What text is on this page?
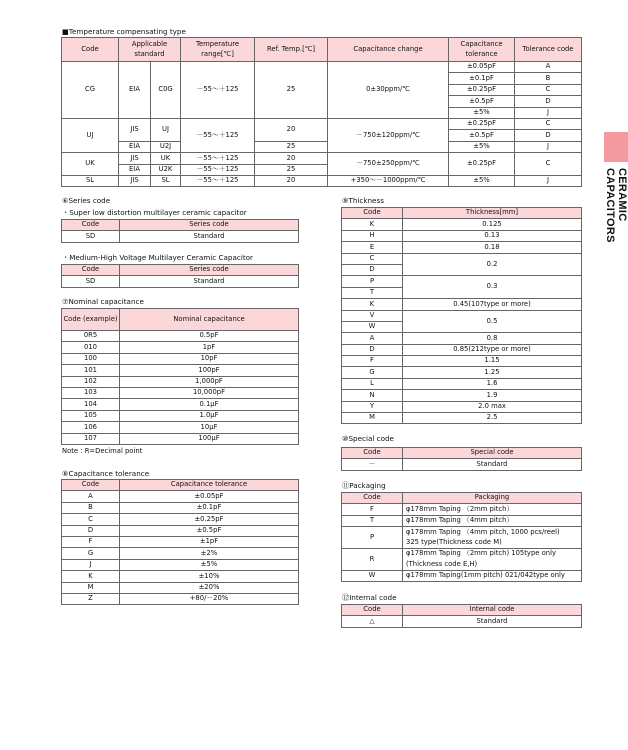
CERAMIC CAPACITORS
■Temperature compensating type
Code	Applicable standard		Temperature range[℃]	Ref. Temp.[℃]	Capacitance change	Capacitance tolerance	Tolerance code
CG	EIA	C0G	－55～＋125	25	0±30ppm/℃	±0.05pF	A
						±0.1pF	B
						±0.25pF	C
						±0.5pF	D
						±5%	J
UJ	JIS	UJ	－55～＋125	20	－750±120ppm/℃	±0.25pF	C
						±0.5pF	D
	EIA	U2J		25		±5%	J
UK	JIS	UK	－55～＋125	20	－750±250ppm/℃	±0.25pF	C
	EIA	U2K	－55～＋125	25			
SL	JIS	SL	－55～＋125	20	+350～－1000ppm/℃	±5%	J
⑥Series code
・Super low distortion multilayer ceramic capacitor
Code	Series code
SD	Standard
・Medium-High Voltage Multilayer Ceramic Capacitor
Code	Series code
SD	Standard
⑦Nominal capacitance
Code (example)	Nominal capacitance
0R5	0.5pF
010	1pF
100	10pF
101	100pF
102	1,000pF
103	10,000pF
104	0.1μF
105	1.0μF
106	10μF
107	100μF
Note : R=Decimal point
⑧Capacitance tolerance
Code	Capacitance tolerance
A	±0.05pF
B	±0.1pF
C	±0.25pF
D	±0.5pF
F	±1pF
G	±2%
J	±5%
K	±10%
M	±20%
Z	+80/－20%
⑨Thickness
Code	Thickness[mm]
K	0.125
H	0.13
E	0.18
C	0.2
D	
P	0.3
T	
K	0.45(107type or more)
V	0.5
W	
A	0.8
D	0.85(212type or more)
F	1.15
G	1.25
L	1.6
N	1.9
Y	2.0 max
M	2.5
⑩Special code
Code	Special code
－	Standard
⑪Packaging
Code	Packaging
F	φ178mm Taping （2mm pitch）
T	φ178mm Taping （4mm pitch）
P	φ178mm Taping （4mm pitch, 1000 pcs/reel)
	325 type(Thickness code M)
R	φ178mm Taping （2mm pitch) 105type only
	(Thickness code E,H)
W	φ178mm Taping(1mm pitch) 021/042type only
⑫Internal code
Code	Internal code
△	Standard
